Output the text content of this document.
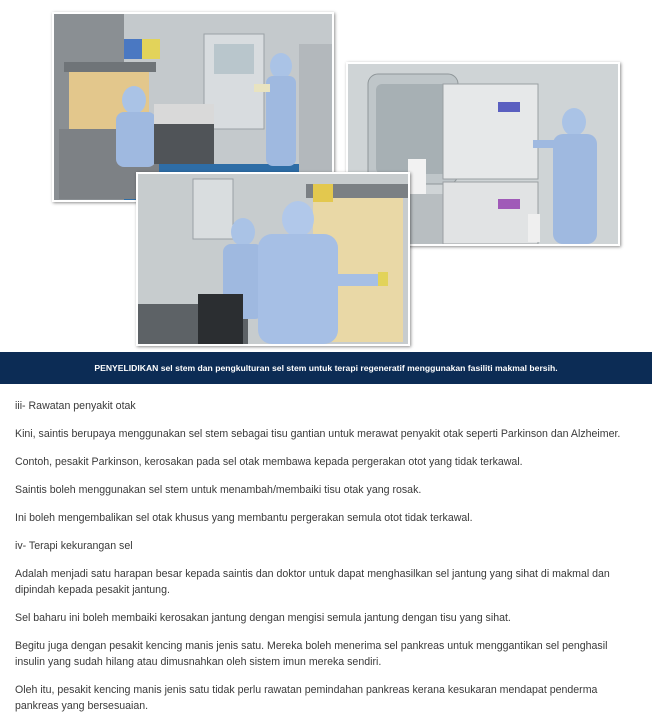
PENYELIDIKAN sel stem dan pengkulturan sel stem untuk terapi regeneratif menggunakan fasiliti makmal bersih.

iii- Rawatan penyakit otak

Kini, saintis berupaya menggunakan sel stem sebagai tisu gantian untuk merawat penyakit otak seperti Parkinson dan Alzheimer.

Contoh, pesakit Parkinson, kerosakan pada sel otak membawa kepada pergerakan otot yang tidak terkawal.

Saintis boleh menggunakan sel stem untuk menambah/membaiki tisu otak yang rosak.

Ini boleh mengembalikan sel otak khusus yang membantu pergerakan semula otot tidak terkawal.

iv- Terapi kekurangan sel

Adalah menjadi satu harapan besar kepada saintis dan doktor untuk dapat menghasilkan sel jantung yang sihat di makmal dan dipindah kepada pesakit jantung.

Sel baharu ini boleh membaiki kerosakan jantung dengan mengisi semula jantung dengan tisu yang sihat.

Begitu juga dengan pesakit kencing manis jenis satu. Mereka boleh menerima sel pankreas untuk menggantikan sel penghasil insulin yang sudah hilang atau dimusnahkan oleh sistem imun mereka sendiri.

Oleh itu, pesakit kencing manis jenis satu tidak perlu rawatan pemindahan pankreas kerana kesukaran mendapat penderma pankreas yang bersesuaian.
